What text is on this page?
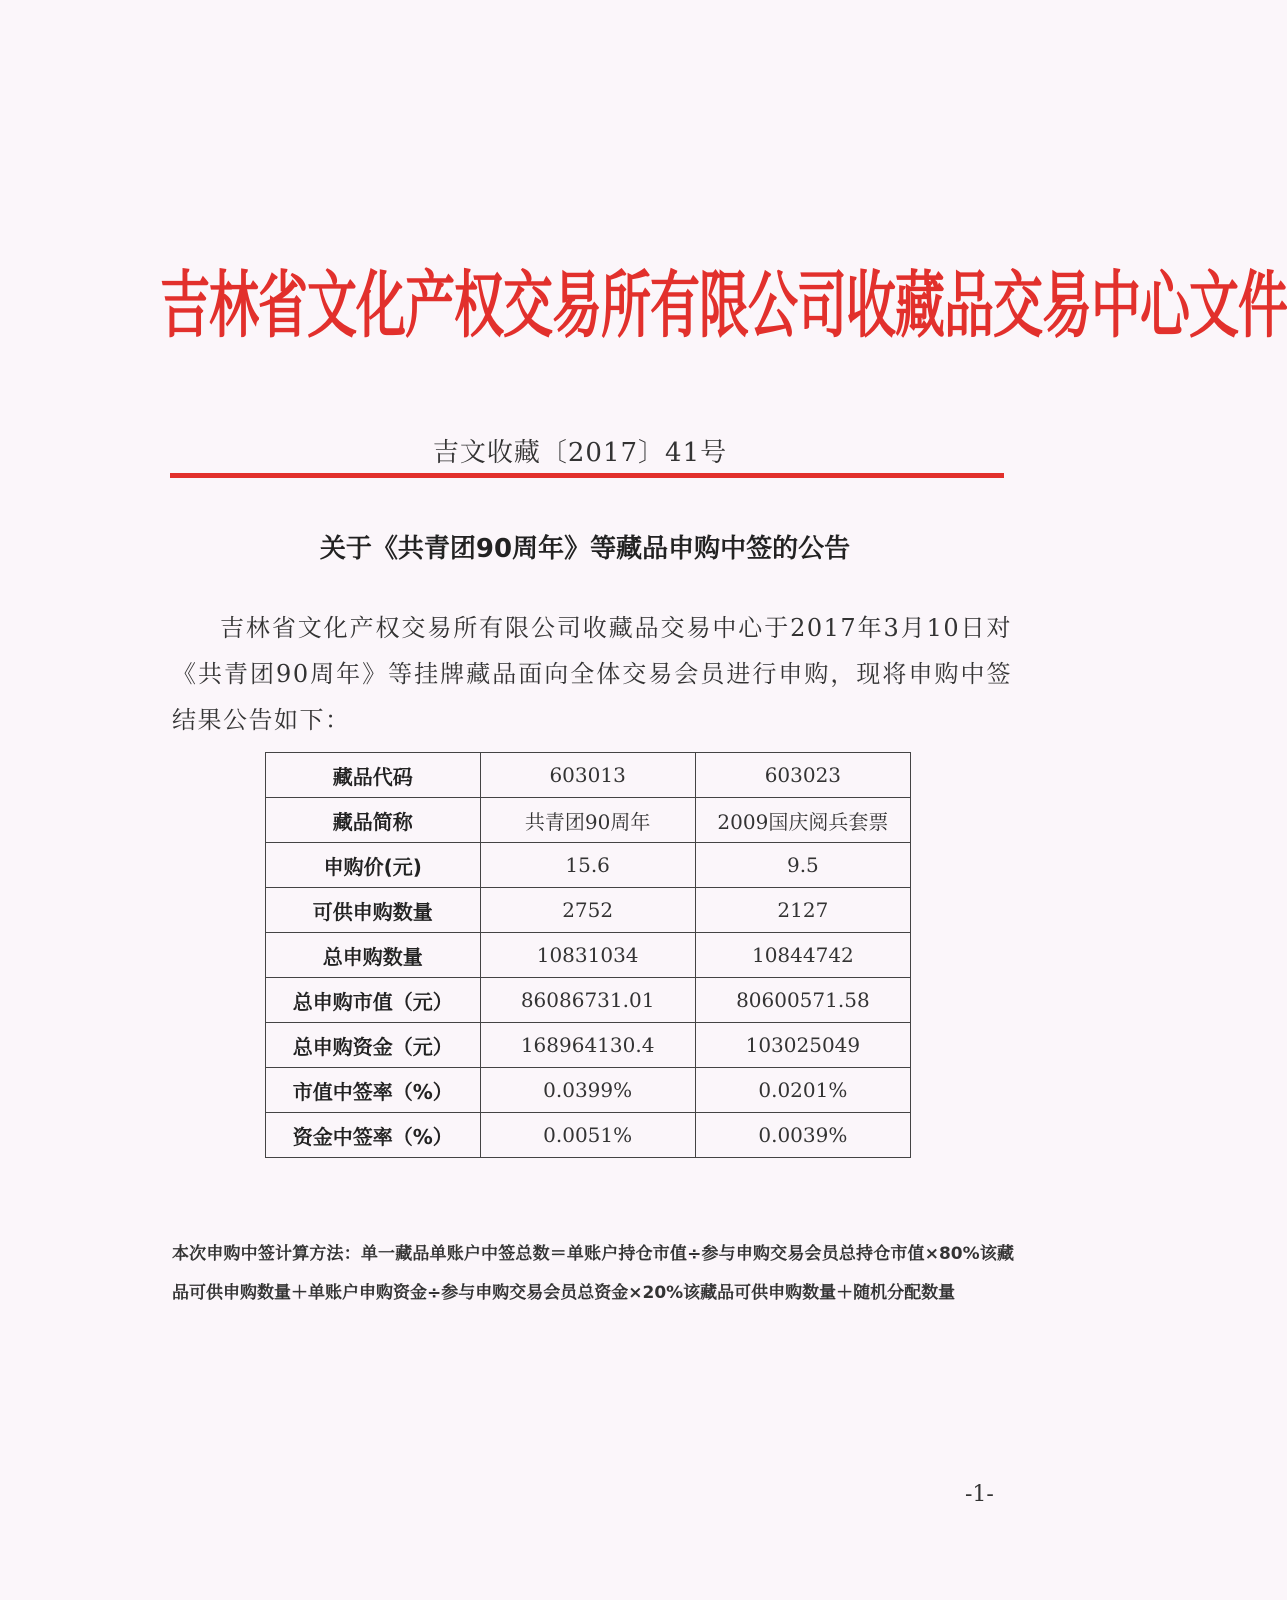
吉林省文化产权交易所有限公司收藏品交易中心文件
吉文收藏〔2017〕41号
关于《共青团90周年》等藏品申购中签的公告
吉林省文化产权交易所有限公司收藏品交易中心于2017年3月10日对《共青团90周年》等挂牌藏品面向全体交易会员进行申购，现将申购中签结果公告如下：
藏品代码	603013	603023
藏品简称	共青团90周年	2009国庆阅兵套票
申购价(元)	15.6	9.5
可供申购数量	2752	2127
总申购数量	10831034	10844742
总申购市值（元）	86086731.01	80600571.58
总申购资金（元）	168964130.4	103025049
市值中签率（%）	0.0399%	0.0201%
资金中签率（%）	0.0051%	0.0039%
本次申购中签计算方法：单一藏品单账户中签总数＝单账户持仓市值÷参与申购交易会员总持仓市值×80%该藏品可供申购数量＋单账户申购资金÷参与申购交易会员总资金×20%该藏品可供申购数量＋随机分配数量
-1-
